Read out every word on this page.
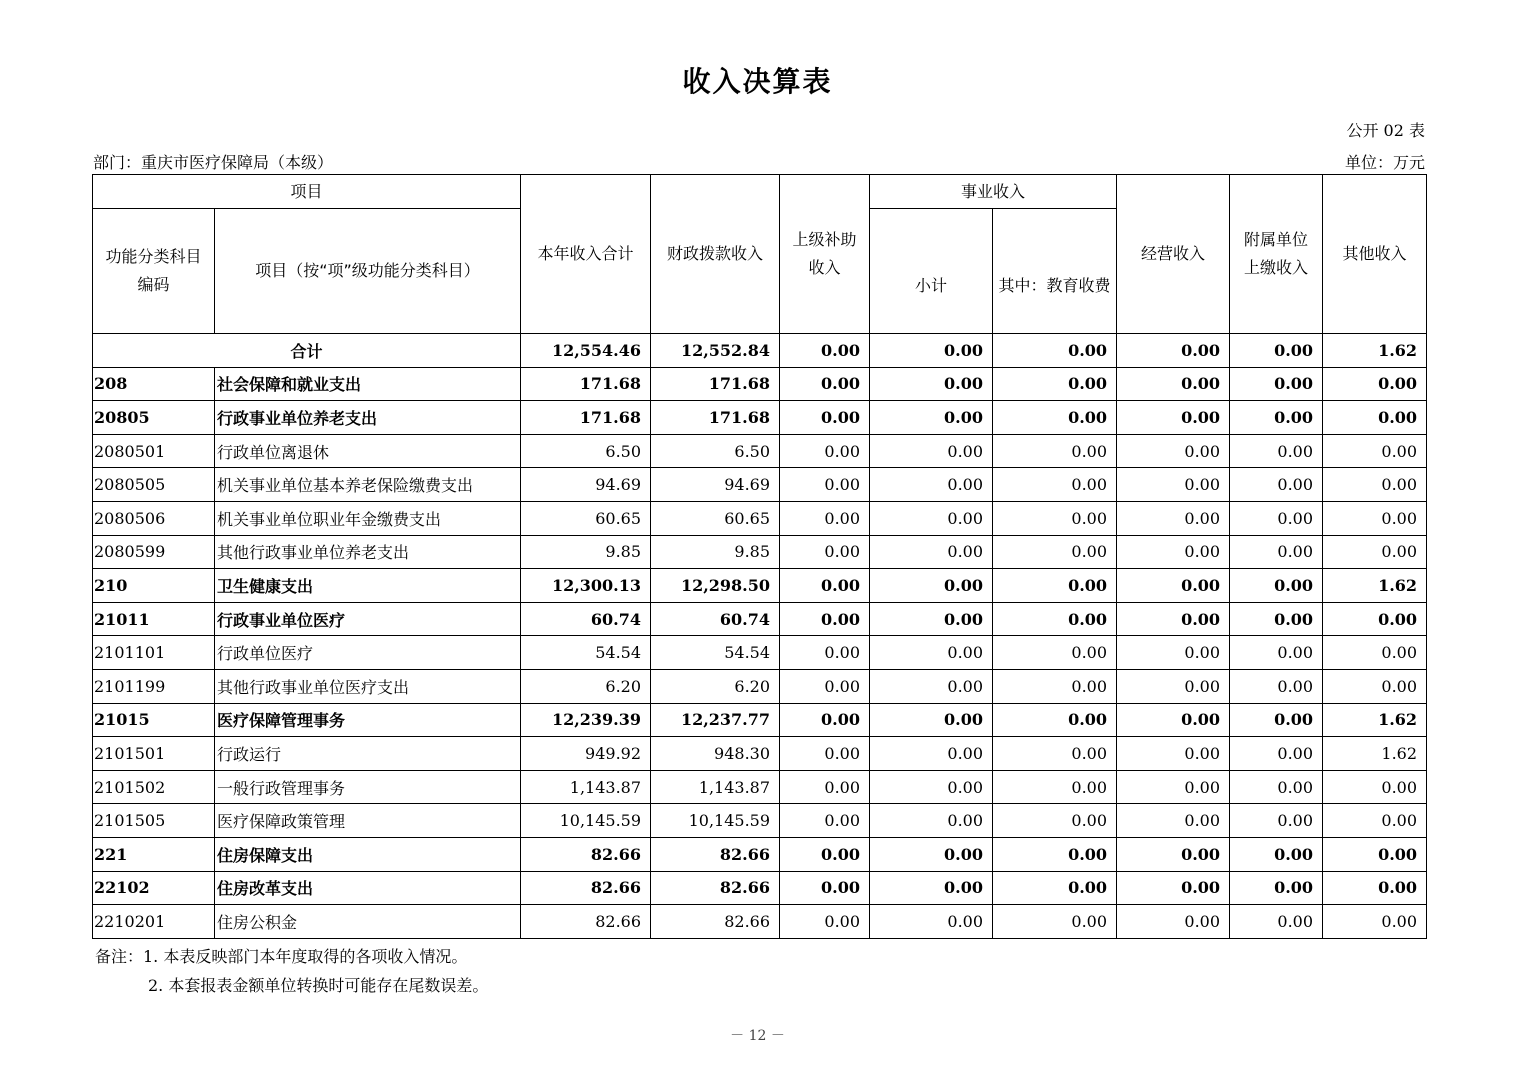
收入决算表
公开 02 表
部门：重庆市医疗保障局（本级）	单位：万元
项目		本年收入合计	财政拨款收入	上级补助收入	事业收入		经营收入	附属单位上缴收入	其他收入
功能分类科目编码	项目（按“项”级功能分类科目）				小计	其中：教育收费			
合计		12,554.46	12,552.84	0.00	0.00	0.00	0.00	0.00	1.62
208	社会保障和就业支出	171.68	171.68	0.00	0.00	0.00	0.00	0.00	0.00
20805	行政事业单位养老支出	171.68	171.68	0.00	0.00	0.00	0.00	0.00	0.00
2080501	行政单位离退休	6.50	6.50	0.00	0.00	0.00	0.00	0.00	0.00
2080505	机关事业单位基本养老保险缴费支出	94.69	94.69	0.00	0.00	0.00	0.00	0.00	0.00
2080506	机关事业单位职业年金缴费支出	60.65	60.65	0.00	0.00	0.00	0.00	0.00	0.00
2080599	其他行政事业单位养老支出	9.85	9.85	0.00	0.00	0.00	0.00	0.00	0.00
210	卫生健康支出	12,300.13	12,298.50	0.00	0.00	0.00	0.00	0.00	1.62
21011	行政事业单位医疗	60.74	60.74	0.00	0.00	0.00	0.00	0.00	0.00
2101101	行政单位医疗	54.54	54.54	0.00	0.00	0.00	0.00	0.00	0.00
2101199	其他行政事业单位医疗支出	6.20	6.20	0.00	0.00	0.00	0.00	0.00	0.00
21015	医疗保障管理事务	12,239.39	12,237.77	0.00	0.00	0.00	0.00	0.00	1.62
2101501	行政运行	949.92	948.30	0.00	0.00	0.00	0.00	0.00	1.62
2101502	一般行政管理事务	1,143.87	1,143.87	0.00	0.00	0.00	0.00	0.00	0.00
2101505	医疗保障政策管理	10,145.59	10,145.59	0.00	0.00	0.00	0.00	0.00	0.00
221	住房保障支出	82.66	82.66	0.00	0.00	0.00	0.00	0.00	0.00
22102	住房改革支出	82.66	82.66	0.00	0.00	0.00	0.00	0.00	0.00
2210201	住房公积金	82.66	82.66	0.00	0.00	0.00	0.00	0.00	0.00
备注：1. 本表反映部门本年度取得的各项收入情况。
2. 本套报表金额单位转换时可能存在尾数误差。
－ 12 －
